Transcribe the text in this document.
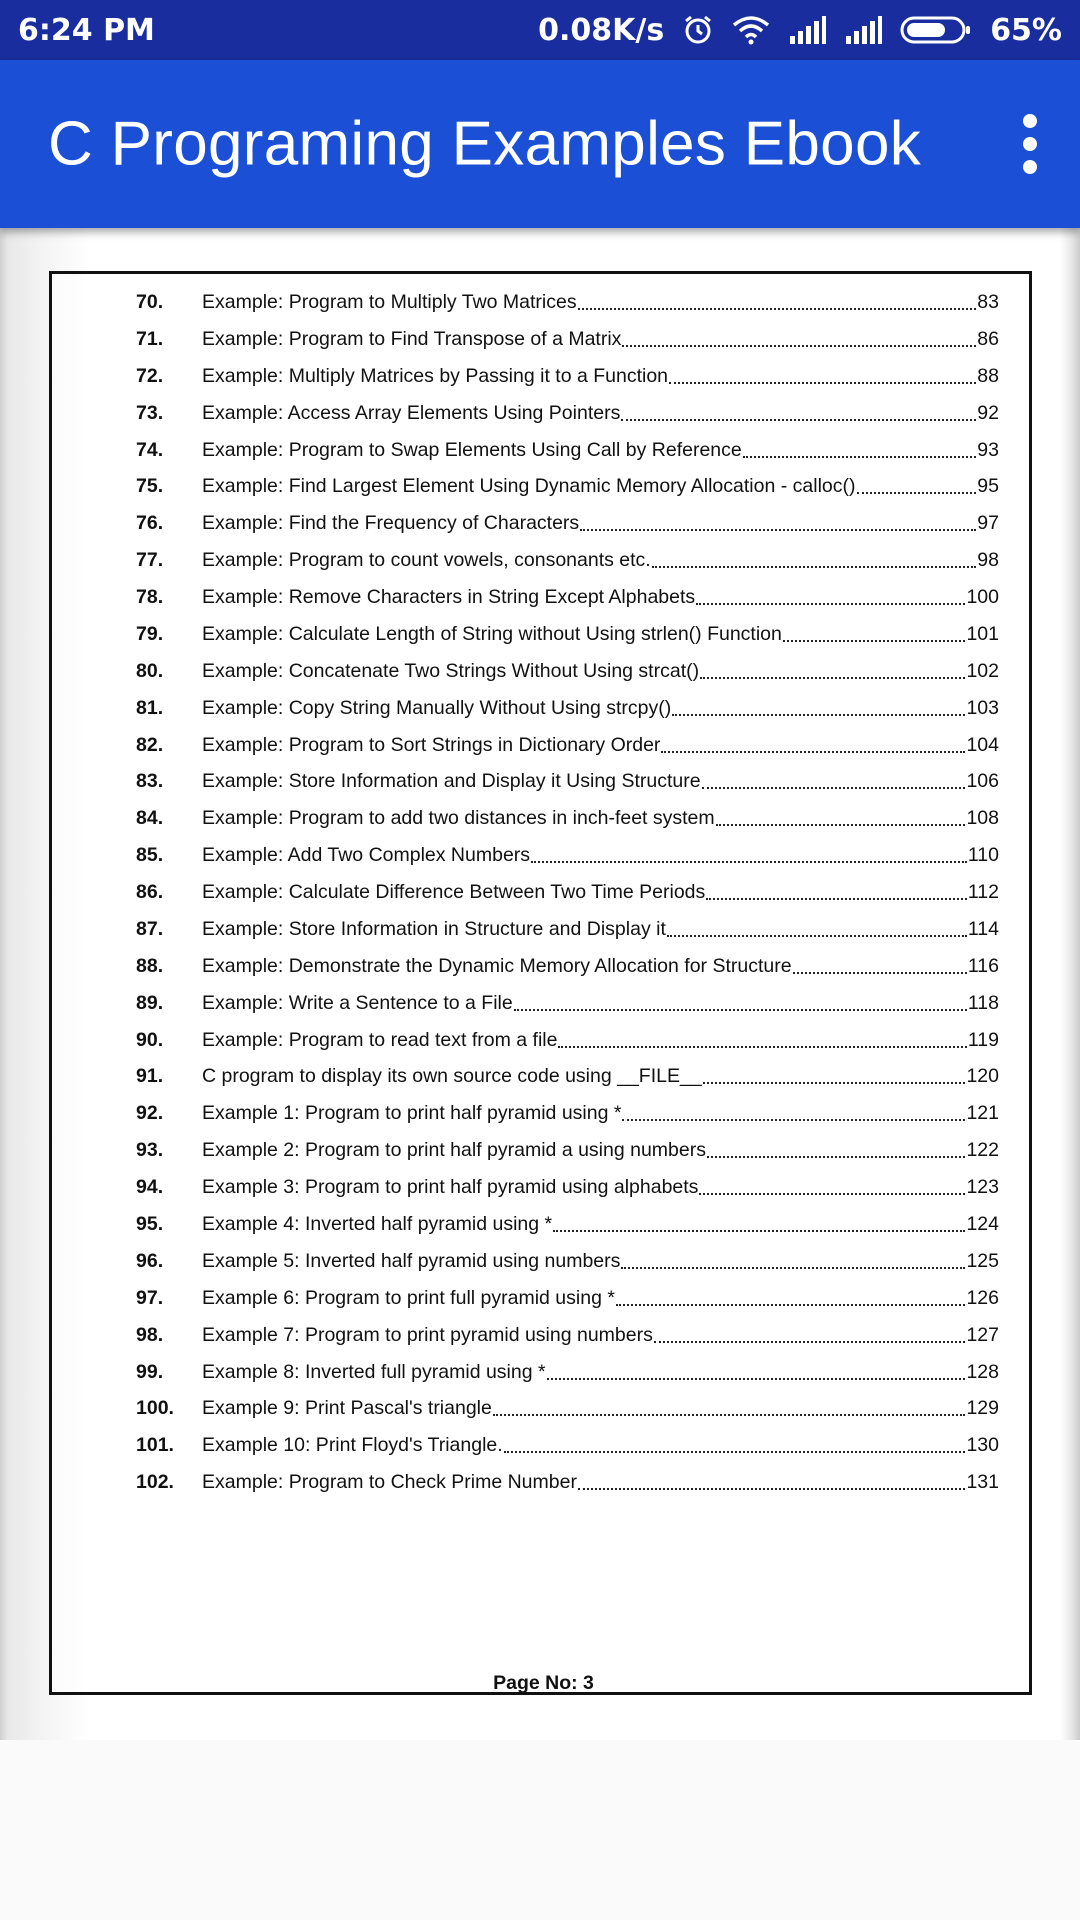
6:24 PM	0.08K/s	65%
C Programing Examples Ebook
70. Example: Program to Multiply Two Matrices	83
71. Example: Program to Find Transpose of a Matrix	86
72. Example: Multiply Matrices by Passing it to a Function	88
73. Example: Access Array Elements Using Pointers	92
74. Example: Program to Swap Elements Using Call by Reference	93
75. Example: Find Largest Element Using Dynamic Memory Allocation - calloc()	95
76. Example: Find the Frequency of Characters	97
77. Example: Program to count vowels, consonants etc.	98
78. Example: Remove Characters in String Except Alphabets	100
79. Example: Calculate Length of String without Using strlen() Function	101
80. Example: Concatenate Two Strings Without Using strcat()	102
81. Example: Copy String Manually Without Using strcpy()	103
82. Example: Program to Sort Strings in Dictionary Order	104
83. Example: Store Information and Display it Using Structure	106
84. Example: Program to add two distances in inch-feet system	108
85. Example: Add Two Complex Numbers	110
86. Example: Calculate Difference Between Two Time Periods	112
87. Example: Store Information in Structure and Display it	114
88. Example: Demonstrate the Dynamic Memory Allocation for Structure	116
89. Example: Write a Sentence to a File	118
90. Example: Program to read text from a file	119
91. C program to display its own source code using __FILE__	120
92. Example 1: Program to print half pyramid using *	121
93. Example 2: Program to print half pyramid a using numbers	122
94. Example 3: Program to print half pyramid using alphabets	123
95. Example 4: Inverted half pyramid using *	124
96. Example 5: Inverted half pyramid using numbers	125
97. Example 6: Program to print full pyramid using *	126
98. Example 7: Program to print pyramid using numbers	127
99. Example 8: Inverted full pyramid using *	128
100. Example 9: Print Pascal's triangle	129
101. Example 10: Print Floyd's Triangle.	130
102. Example: Program to Check Prime Number	131
Page No: 3
